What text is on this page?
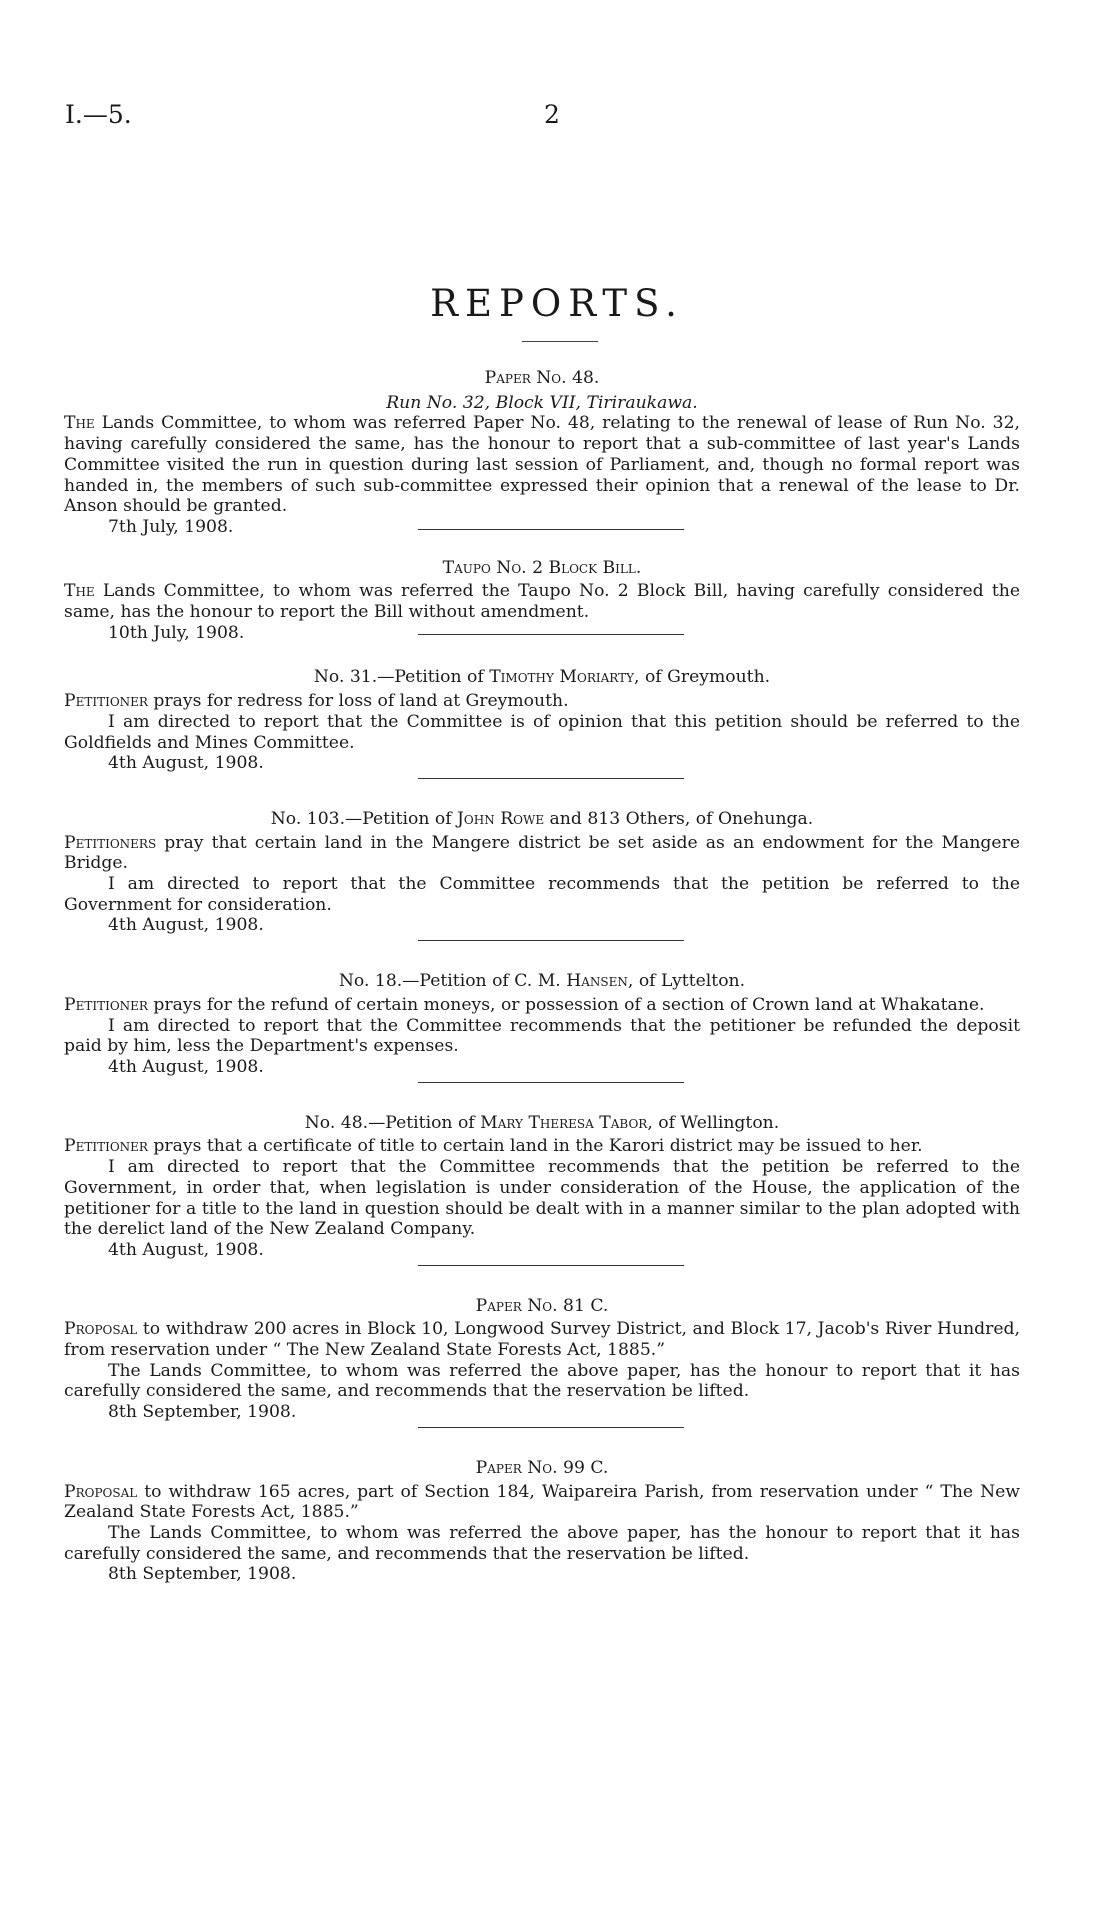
I.—5.	2
REPORTS.
Paper No. 48.
Run No. 32, Block VII, Tiriraukawa.

The Lands Committee, to whom was referred Paper No. 48, relating to the renewal of lease of Run No. 32, having carefully considered the same, has the honour to report that a sub-committee of last year's Lands Committee visited the run in question during last session of Parliament, and, though no formal report was handed in, the members of such sub-committee expressed their opinion that a renewal of the lease to Dr. Anson should be granted.

7th July, 1908.
Taupo No. 2 Block Bill.

The Lands Committee, to whom was referred the Taupo No. 2 Block Bill, having carefully considered the same, has the honour to report the Bill without amendment.

10th July, 1908.
No. 31.—Petition of Timothy Moriarty, of Greymouth.

Petitioner prays for redress for loss of land at Greymouth.

I am directed to report that the Committee is of opinion that this petition should be referred to the Goldfields and Mines Committee.

4th August, 1908.
No. 103.—Petition of John Rowe and 813 Others, of Onehunga.

Petitioners pray that certain land in the Mangere district be set aside as an endowment for the Mangere Bridge.

I am directed to report that the Committee recommends that the petition be referred to the Government for consideration.

4th August, 1908.
No. 18.—Petition of C. M. Hansen, of Lyttelton.

Petitioner prays for the refund of certain moneys, or possession of a section of Crown land at Whakatane.

I am directed to report that the Committee recommends that the petitioner be refunded the deposit paid by him, less the Department's expenses.

4th August, 1908.
No. 48.—Petition of Mary Theresa Tabor, of Wellington.

Petitioner prays that a certificate of title to certain land in the Karori district may be issued to her.

I am directed to report that the Committee recommends that the petition be referred to the Government, in order that, when legislation is under consideration of the House, the application of the petitioner for a title to the land in question should be dealt with in a manner similar to the plan adopted with the derelict land of the New Zealand Company.

4th August, 1908.
Paper No. 81 C.

Proposal to withdraw 200 acres in Block 10, Longwood Survey District, and Block 17, Jacob's River Hundred, from reservation under “ The New Zealand State Forests Act, 1885.”

The Lands Committee, to whom was referred the above paper, has the honour to report that it has carefully considered the same, and recommends that the reservation be lifted.

8th September, 1908.
Paper No. 99 C.

Proposal to withdraw 165 acres, part of Section 184, Waipareira Parish, from reservation under “ The New Zealand State Forests Act, 1885.”

The Lands Committee, to whom was referred the above paper, has the honour to report that it has carefully considered the same, and recommends that the reservation be lifted.

8th September, 1908.
